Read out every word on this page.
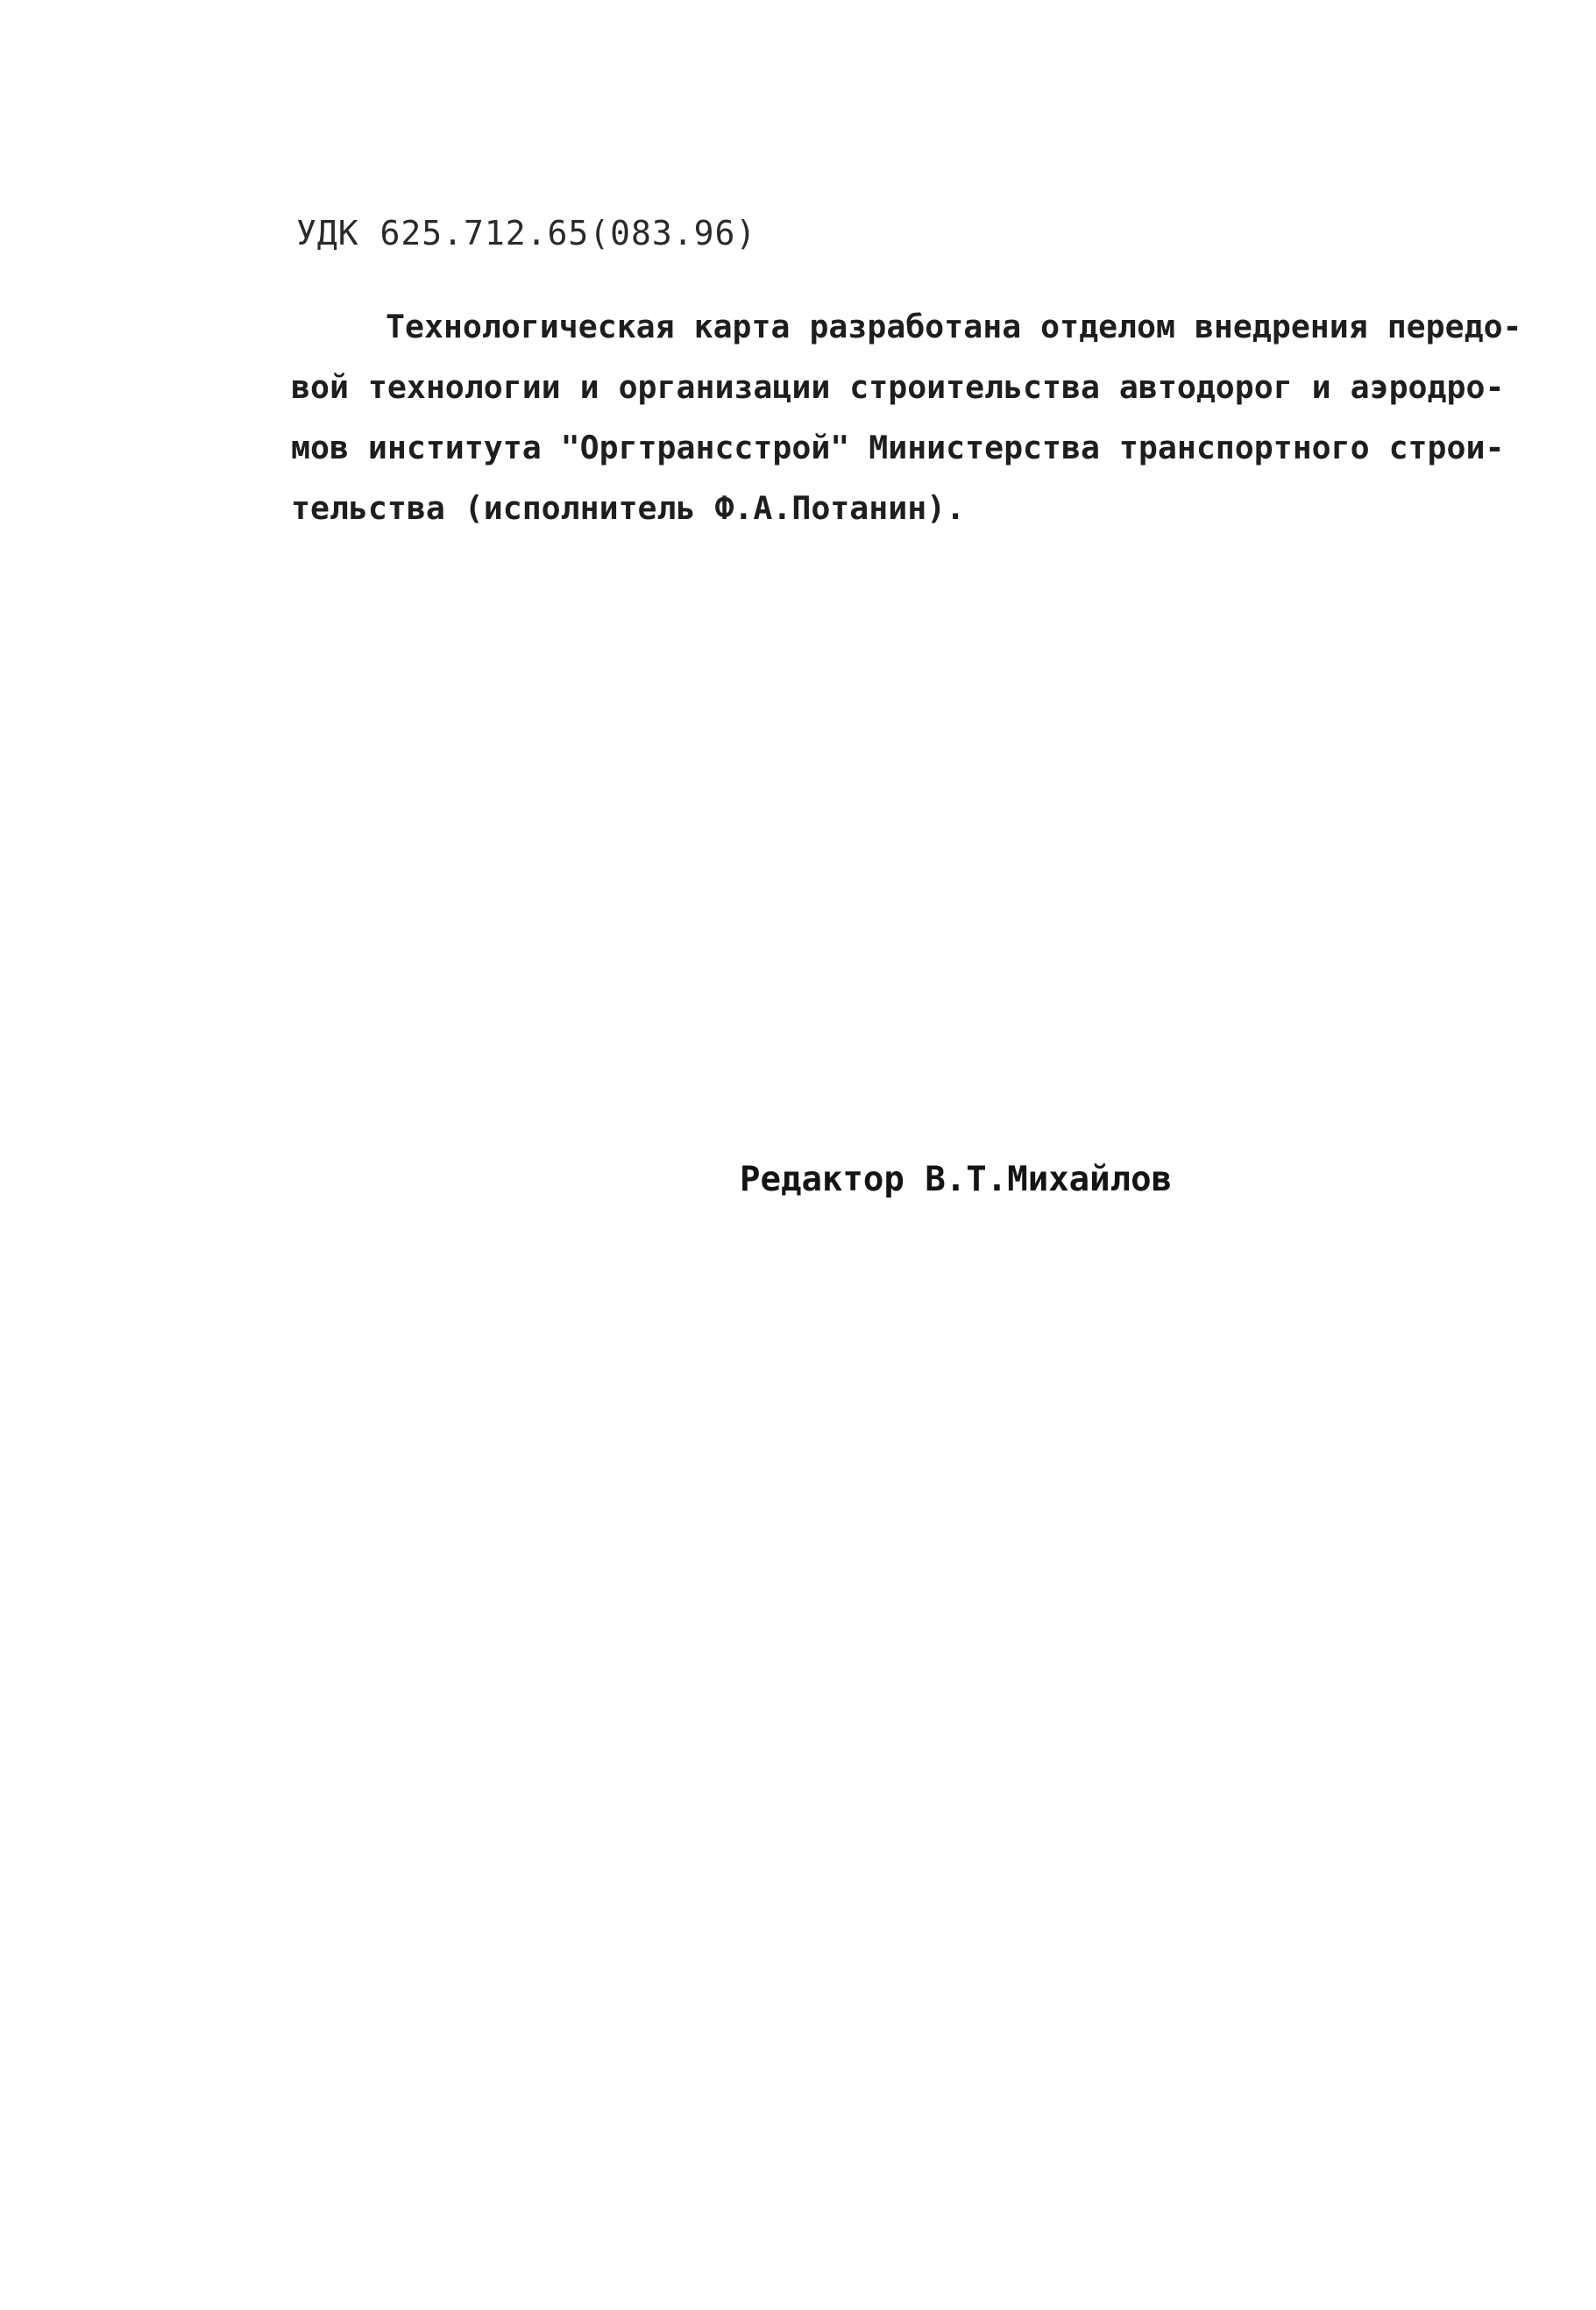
УДК 625.712.65(083.96)
Технологическая карта разработана отделом внедрения передо-
вой технологии и организации строительства автодорог и аэродро-
мов института "Оргтрансстрой" Министерства транспортного строи-
тельства (исполнитель Ф.А.Потанин).
Редактор В.Т.Михайлов
